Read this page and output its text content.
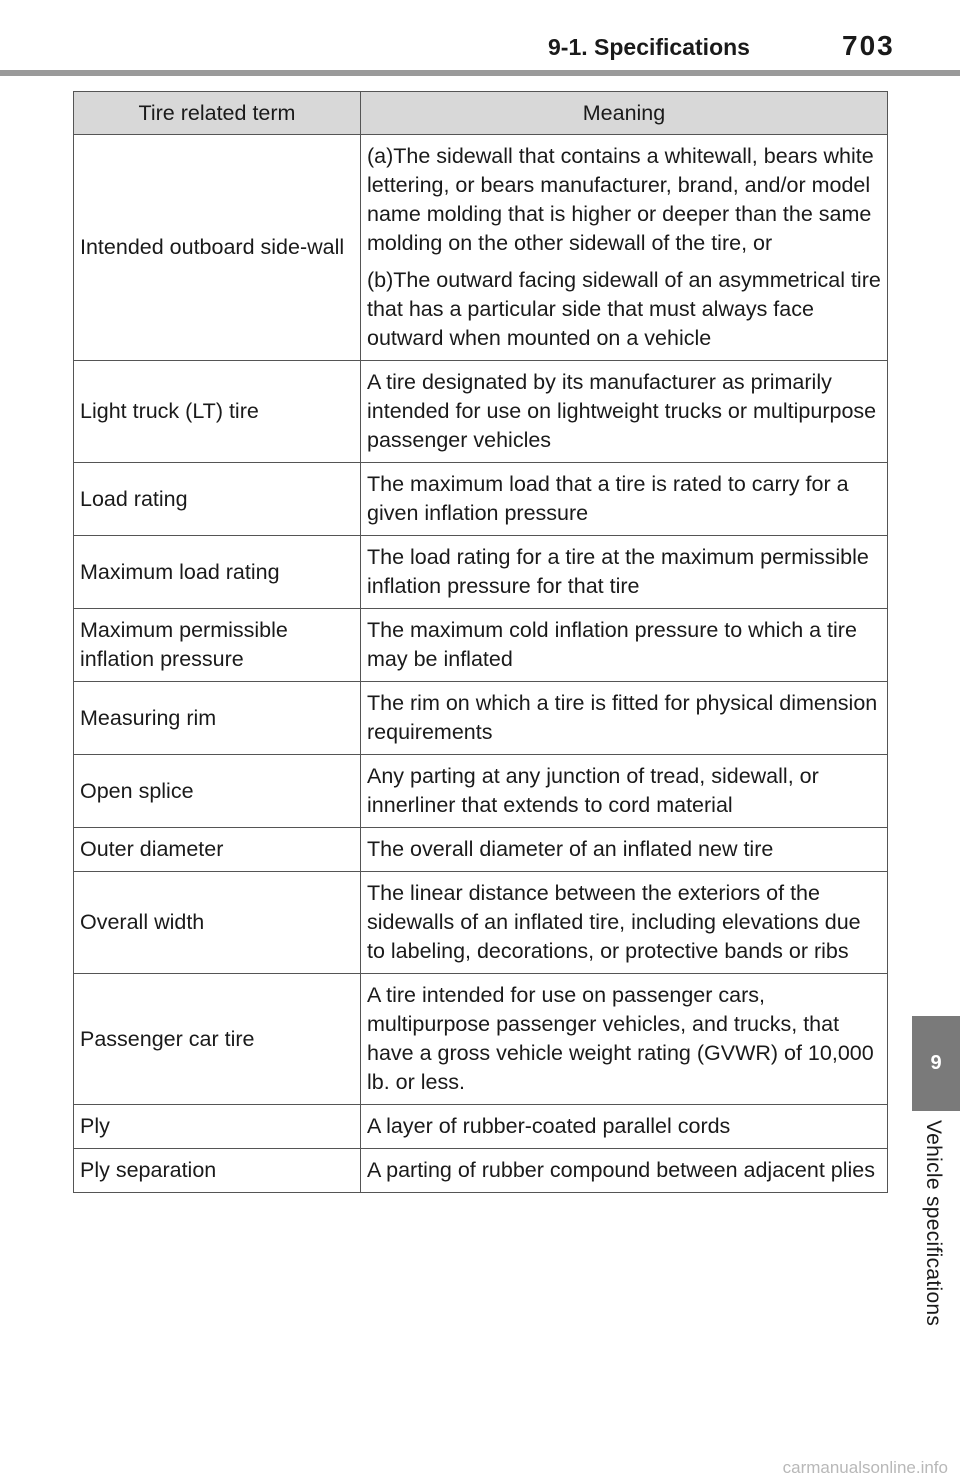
9-1. Specifications	703
9
Vehicle specifications
Tire related term	Meaning
Intended outboard side-wall	(a)The sidewall that contains a whitewall, bears white lettering, or bears manufacturer, brand, and/or model name molding that is higher or deeper than the same molding on the other sidewall of the tire, or
(b)The outward facing sidewall of an asymmetrical tire that has a particular side that must always face outward when mounted on a vehicle

Light truck (LT) tire	A tire designated by its manufacturer as primarily intended for use on lightweight trucks or multipurpose passenger vehicles
Load rating	The maximum load that a tire is rated to carry for a given inflation pressure
Maximum load rating	The load rating for a tire at the maximum permissible inflation pressure for that tire
Maximum permissible inflation pressure	The maximum cold inflation pressure to which a tire may be inflated
Measuring rim	The rim on which a tire is fitted for physical dimension requirements
Open splice	Any parting at any junction of tread, sidewall, or innerliner that extends to cord material
Outer diameter	The overall diameter of an inflated new tire
Overall width	The linear distance between the exteriors of the sidewalls of an inflated tire, including elevations due to labeling, decorations, or protective bands or ribs
Passenger car tire	A tire intended for use on passenger cars, multipurpose passenger vehicles, and trucks, that have a gross vehicle weight rating (GVWR) of 10,000 lb. or less.
Ply	A layer of rubber-coated parallel cords
Ply separation	A parting of rubber compound between adjacent plies
carmanualsonline.info
